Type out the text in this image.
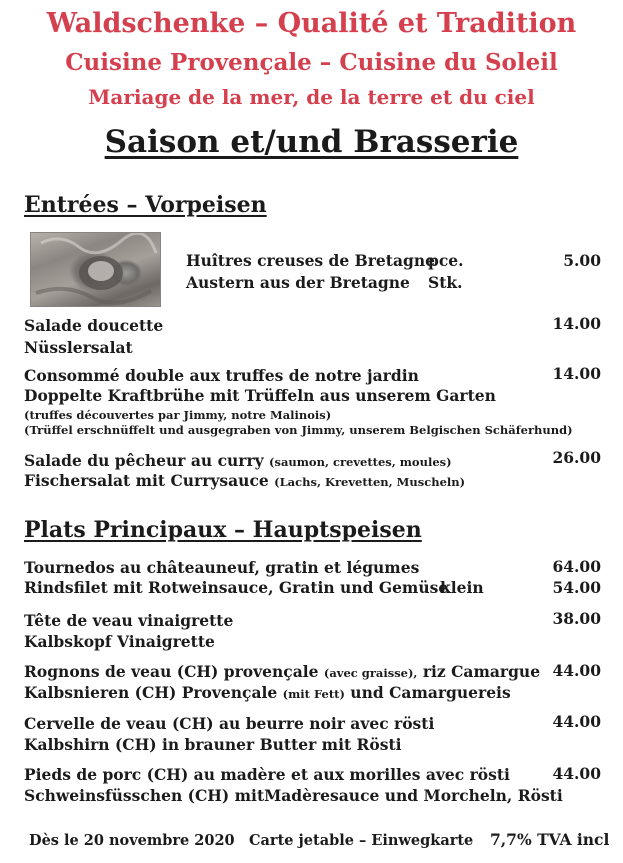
Waldschenke – Qualité et Tradition
Cuisine Provençale – Cuisine du Soleil
Mariage de la mer, de la terre et du ciel
Saison et/und Brasserie
Entrées – Vorpeisen
Huîtres creuses de Bretagne
pce.	5.00
Austern aus der Bretagne Stk.
Salade doucette	14.00
Nüsslersalat
Consommé double aux truffes de notre jardin	14.00
Doppelte Kraftbrühe mit Trüffeln aus unserem Garten
(truffes découvertes par Jimmy, notre Malinois)
(Trüffel erschnüffelt und ausgegraben von Jimmy, unserem Belgischen Schäferhund)
Salade du pêcheur au curry (saumon, crevettes, moules)	26.00
Fischersalat mit Currysauce (Lachs, Krevetten, Muscheln)
Plats Principaux – Hauptspeisen
Tournedos au châteauneuf, gratin et légumes	64.00
Rindsfilet mit Rotweinsauce, Gratin und Gemüse
klein	54.00
Tête de veau vinaigrette	38.00
Kalbskopf Vinaigrette
Rognons de veau (CH) provençale (avec graisse), riz Camargue 44.00
Kalbsnieren (CH) Provençale (mit Fett) und Camarguereis
Cervelle de veau (CH) au beurre noir avec rösti	44.00
Kalbshirn (CH) in brauner Butter mit Rösti
Pieds de porc (CH) au madère et aux morilles avec rösti	44.00
Schweinsfüsschen (CH) mitMadèresauce und Morcheln, Rösti
Dès le 20 novembre 2020 Carte jetable – Einwegkarte 7,7% TVA incl
